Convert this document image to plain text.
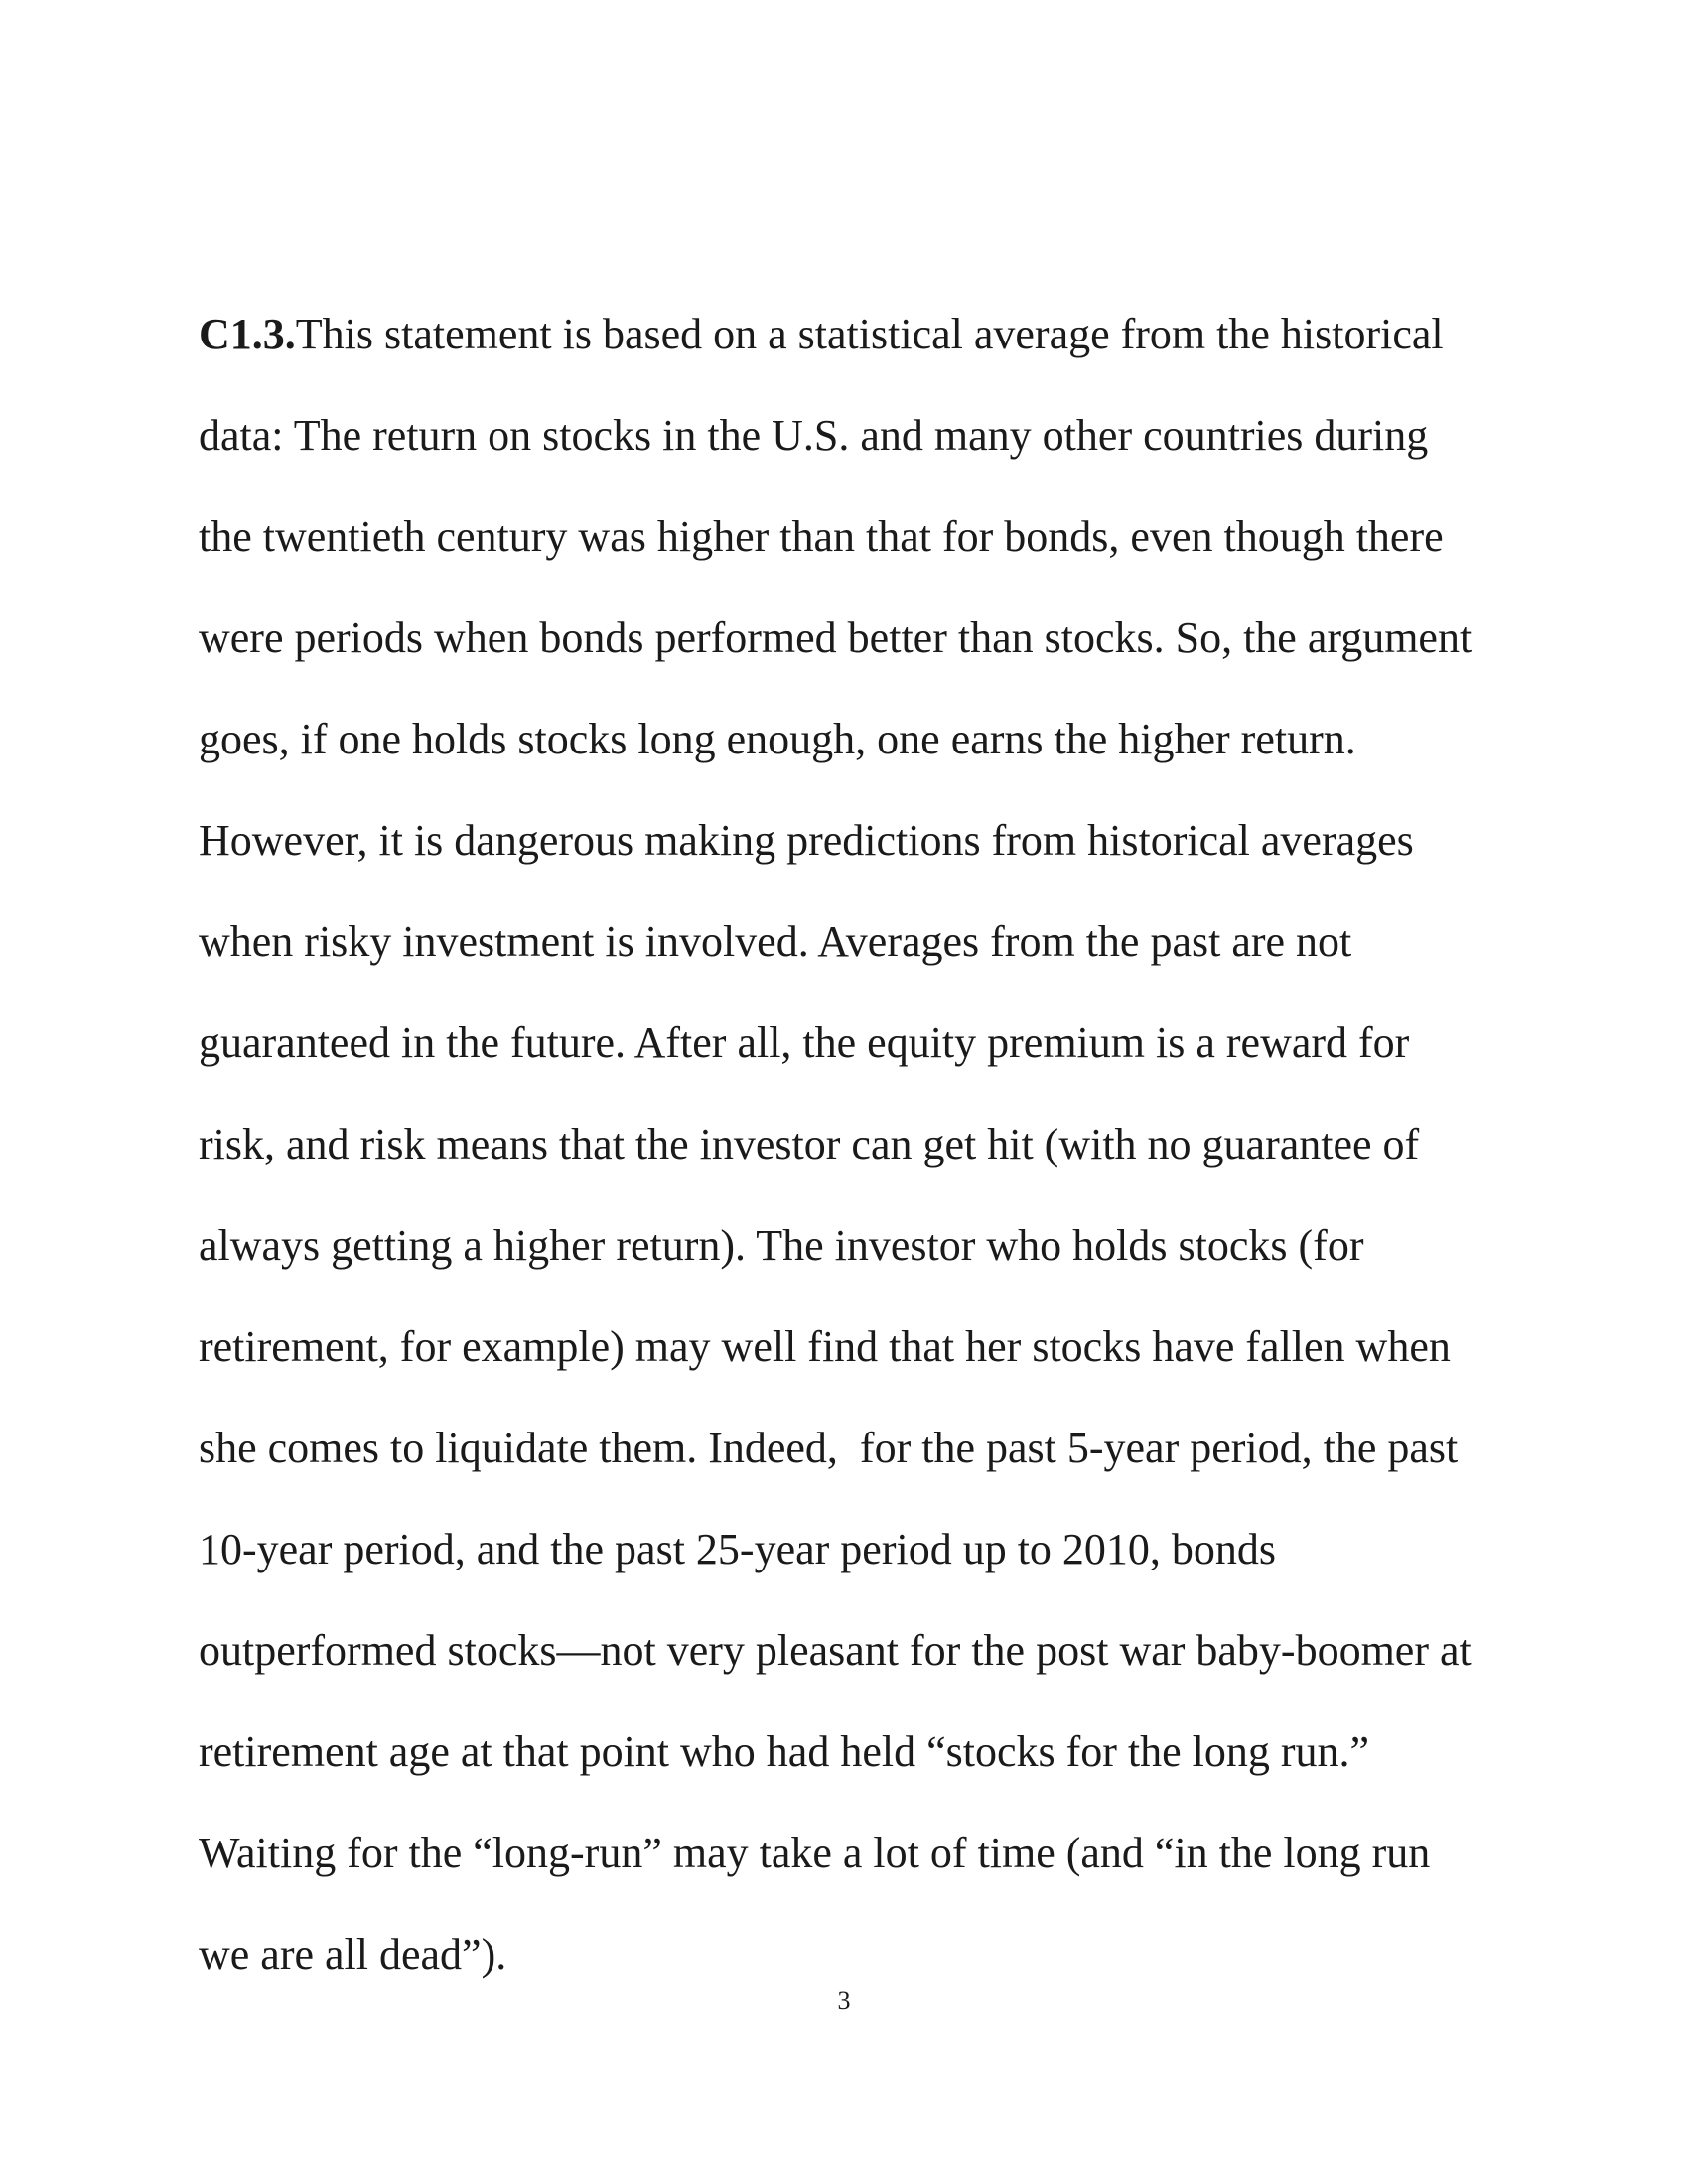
C1.3.This statement is based on a statistical average from the historical
data: The return on stocks in the U.S. and many other countries during
the twentieth century was higher than that for bonds, even though there
were periods when bonds performed better than stocks. So, the argument
goes, if one holds stocks long enough, one earns the higher return.
However, it is dangerous making predictions from historical averages
when risky investment is involved. Averages from the past are not
guaranteed in the future. After all, the equity premium is a reward for
risk, and risk means that the investor can get hit (with no guarantee of
always getting a higher return). The investor who holds stocks (for
retirement, for example) may well find that her stocks have fallen when
she comes to liquidate them. Indeed,  for the past 5-year period, the past
10-year period, and the past 25-year period up to 2010, bonds
outperformed stocks—not very pleasant for the post war baby-boomer at
retirement age at that point who had held “stocks for the long run.”
Waiting for the “long-run” may take a lot of time (and “in the long run
we are all dead”).
3
